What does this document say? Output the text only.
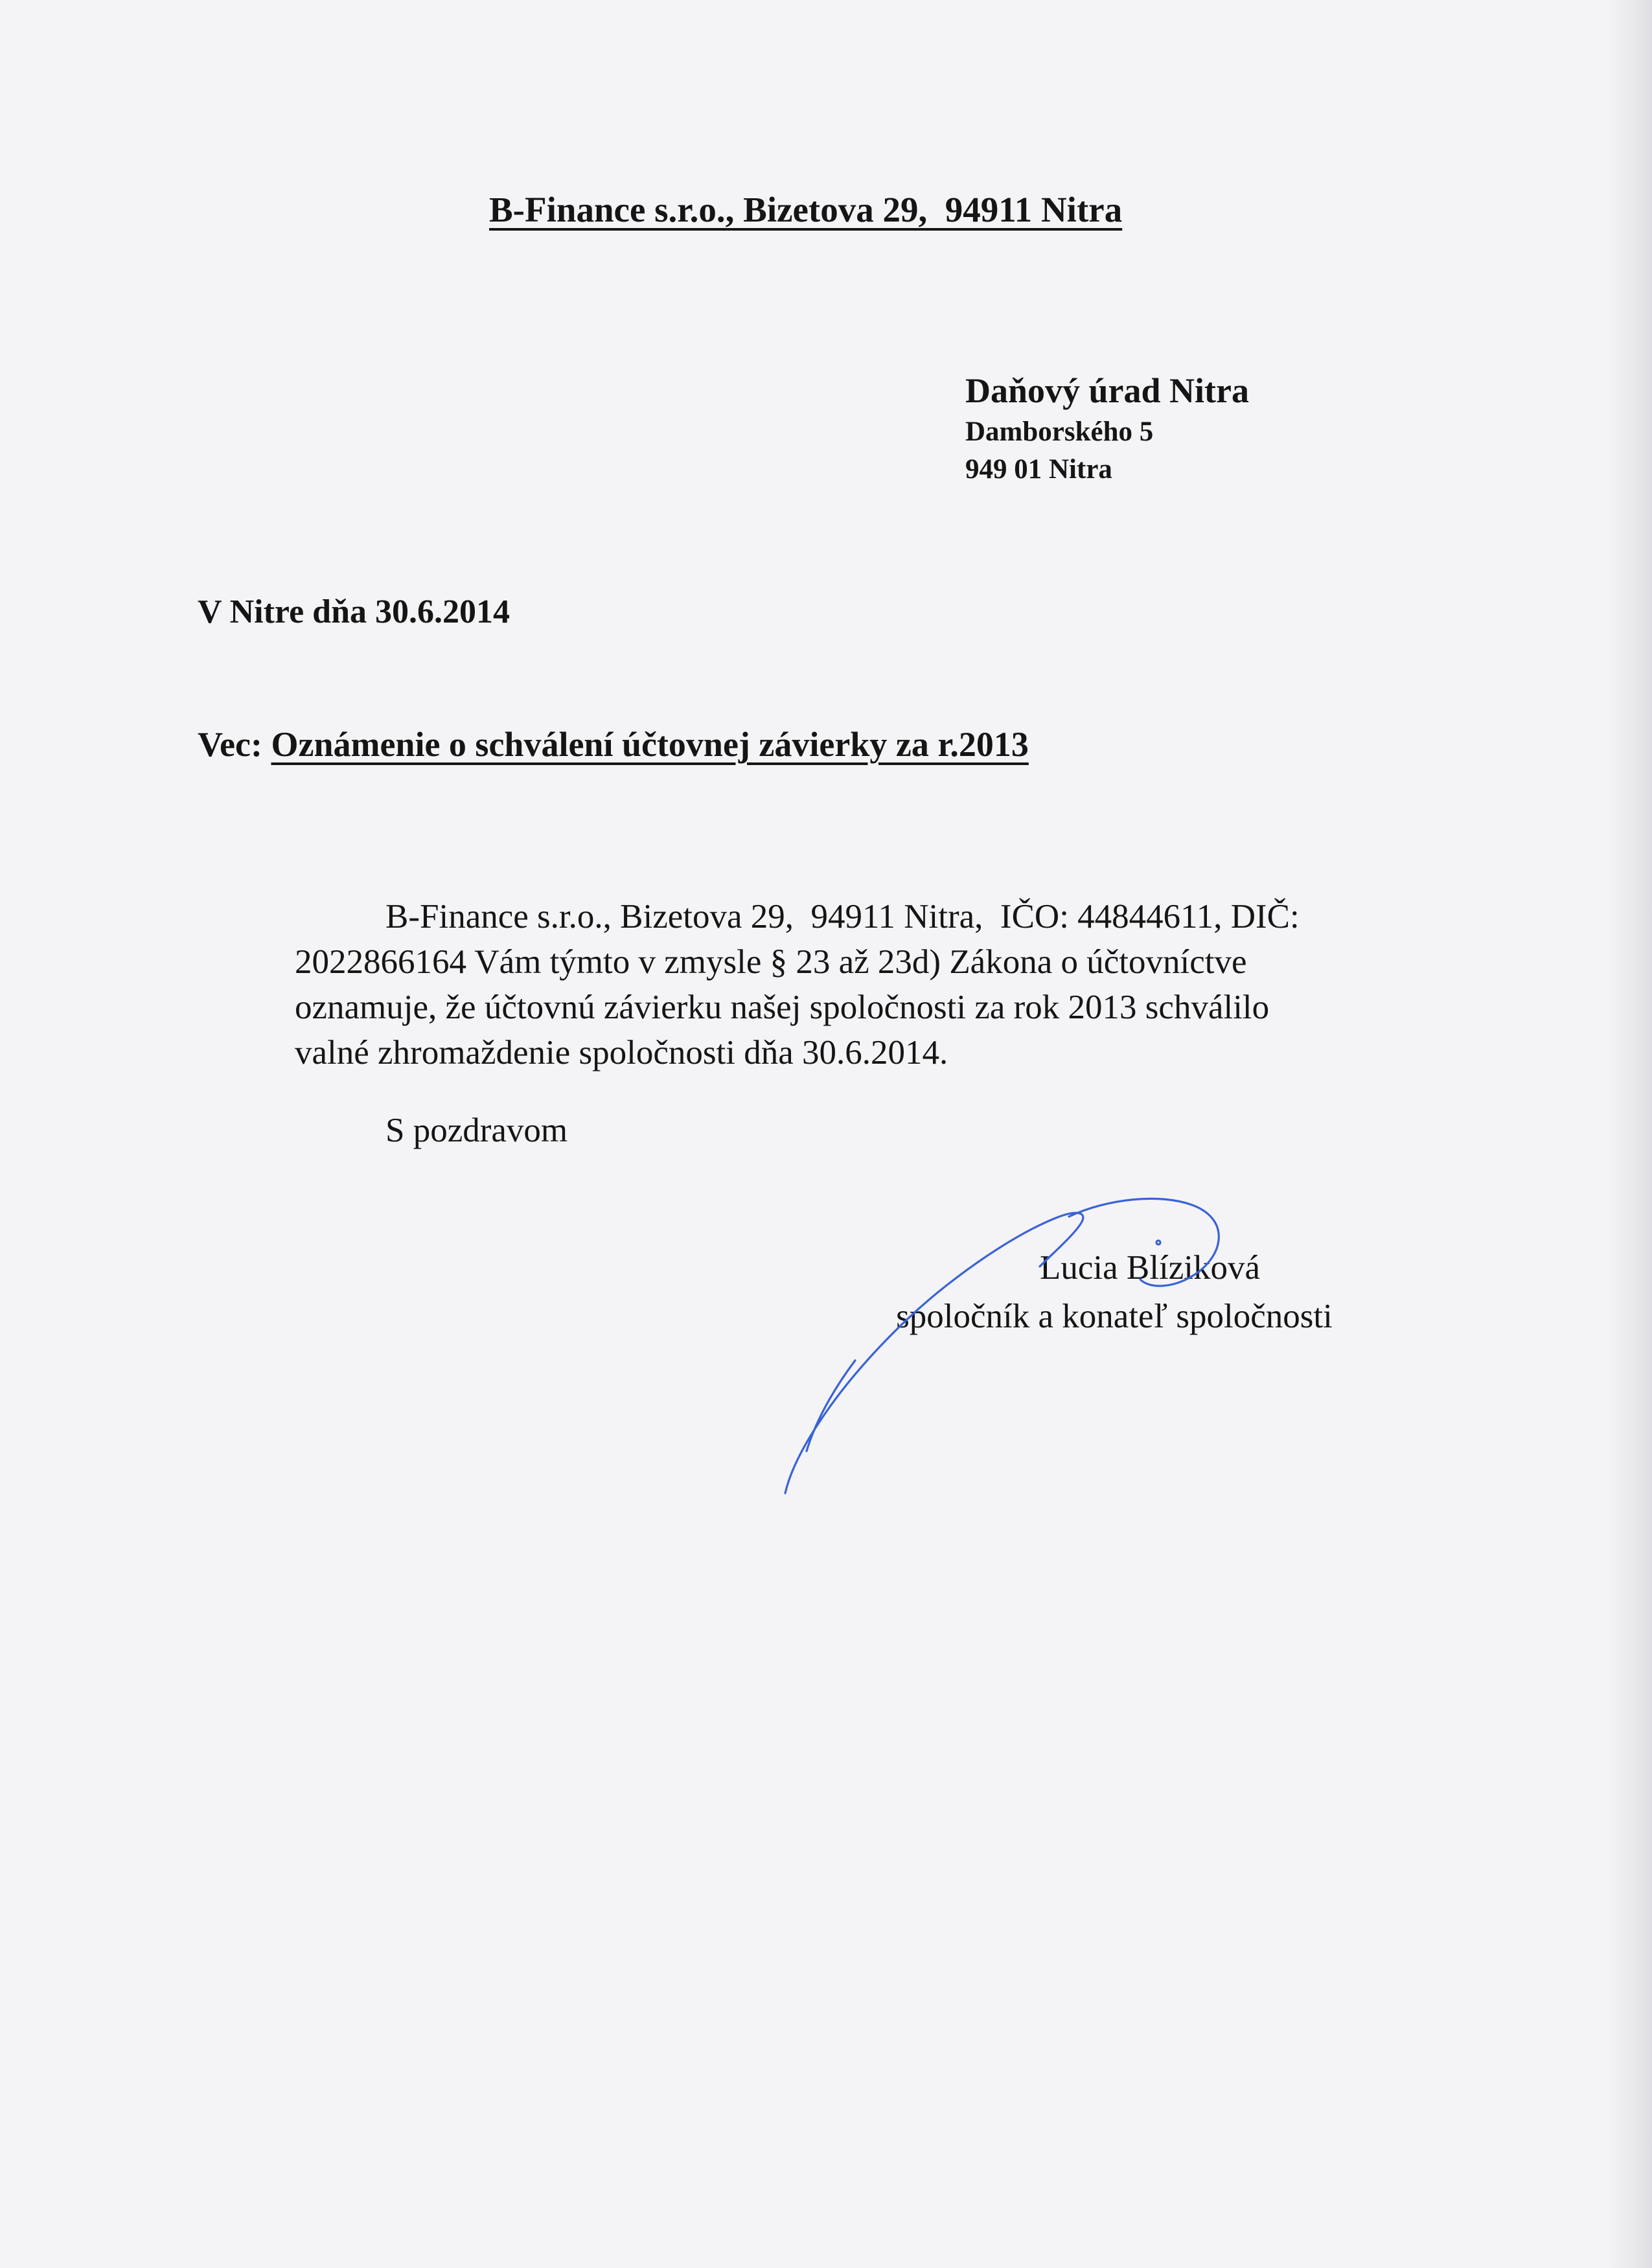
B-Finance s.r.o., Bizetova 29,  94911 Nitra
Daňový úrad Nitra
Damborského 5
949 01 Nitra
V Nitre dňa 30.6.2014
Vec: Oznámenie o schválení účtovnej závierky za r.2013
B-Finance s.r.o., Bizetova 29,  94911 Nitra,  IČO: 44844611, DIČ:
2022866164 Vám týmto v zmysle § 23 až 23d) Zákona o účtovníctve
oznamuje, že účtovnú závierku našej spoločnosti za rok 2013 schválilo
valné zhromaždenie spoločnosti dňa 30.6.2014.
S pozdravom
Lucia Blíziková
spoločník a konateľ spoločnosti
